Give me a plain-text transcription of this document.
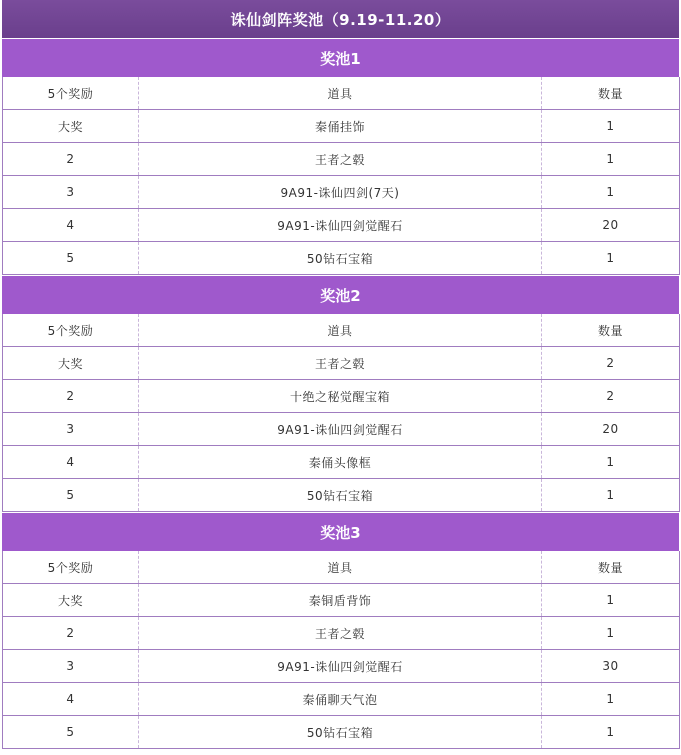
诛仙剑阵奖池（9.19-11.20）
奖池1
5个奖励	道具	数量
大奖	秦俑挂饰	1
2	王者之毂	1
3	9A91-诛仙四剑(7天)	1
4	9A91-诛仙四剑觉醒石	20
5	50钻石宝箱	1
奖池2
5个奖励	道具	数量
大奖	王者之毂	2
2	十绝之秘觉醒宝箱	2
3	9A91-诛仙四剑觉醒石	20
4	秦俑头像框	1
5	50钻石宝箱	1
奖池3
5个奖励	道具	数量
大奖	秦铜盾背饰	1
2	王者之毂	1
3	9A91-诛仙四剑觉醒石	30
4	秦俑聊天气泡	1
5	50钻石宝箱	1
